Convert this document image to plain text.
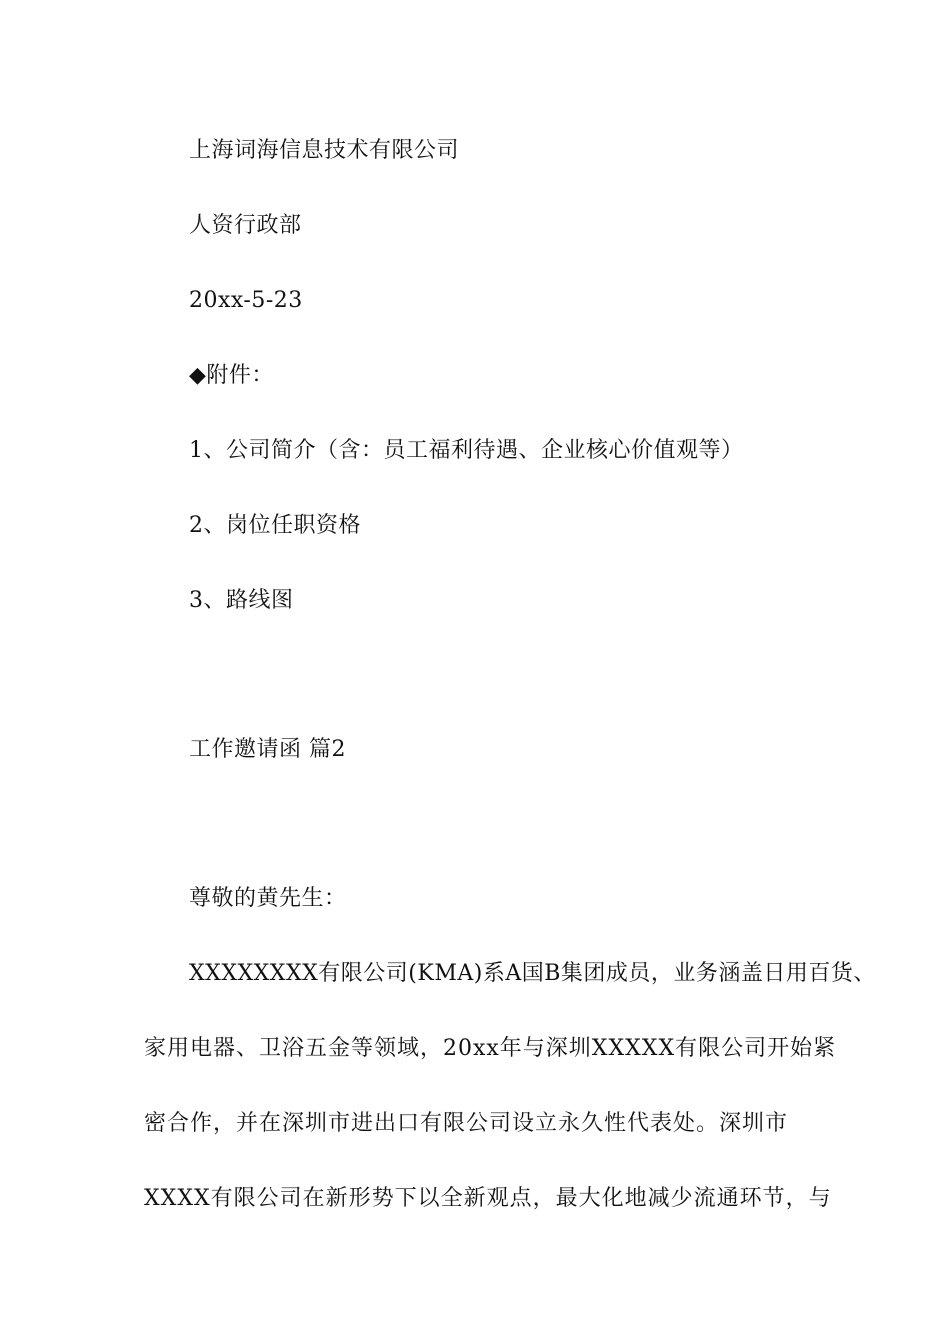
上海词海信息技术有限公司
人资行政部
20xx-5-23
◆附件：
1、公司简介（含：员工福利待遇、企业核心价值观等）
2、岗位任职资格
3、路线图
工作邀请函 篇2
尊敬的黄先生：
XXXXXXXX有限公司(KMA)系A国B集团成员，业务涵盖日用百货、
家用电器、卫浴五金等领域，20xx年与深圳XXXXX有限公司开始紧
密合作，并在深圳市进出口有限公司设立永久性代表处。深圳市
XXXX有限公司在新形势下以全新观点，最大化地减少流通环节，与
